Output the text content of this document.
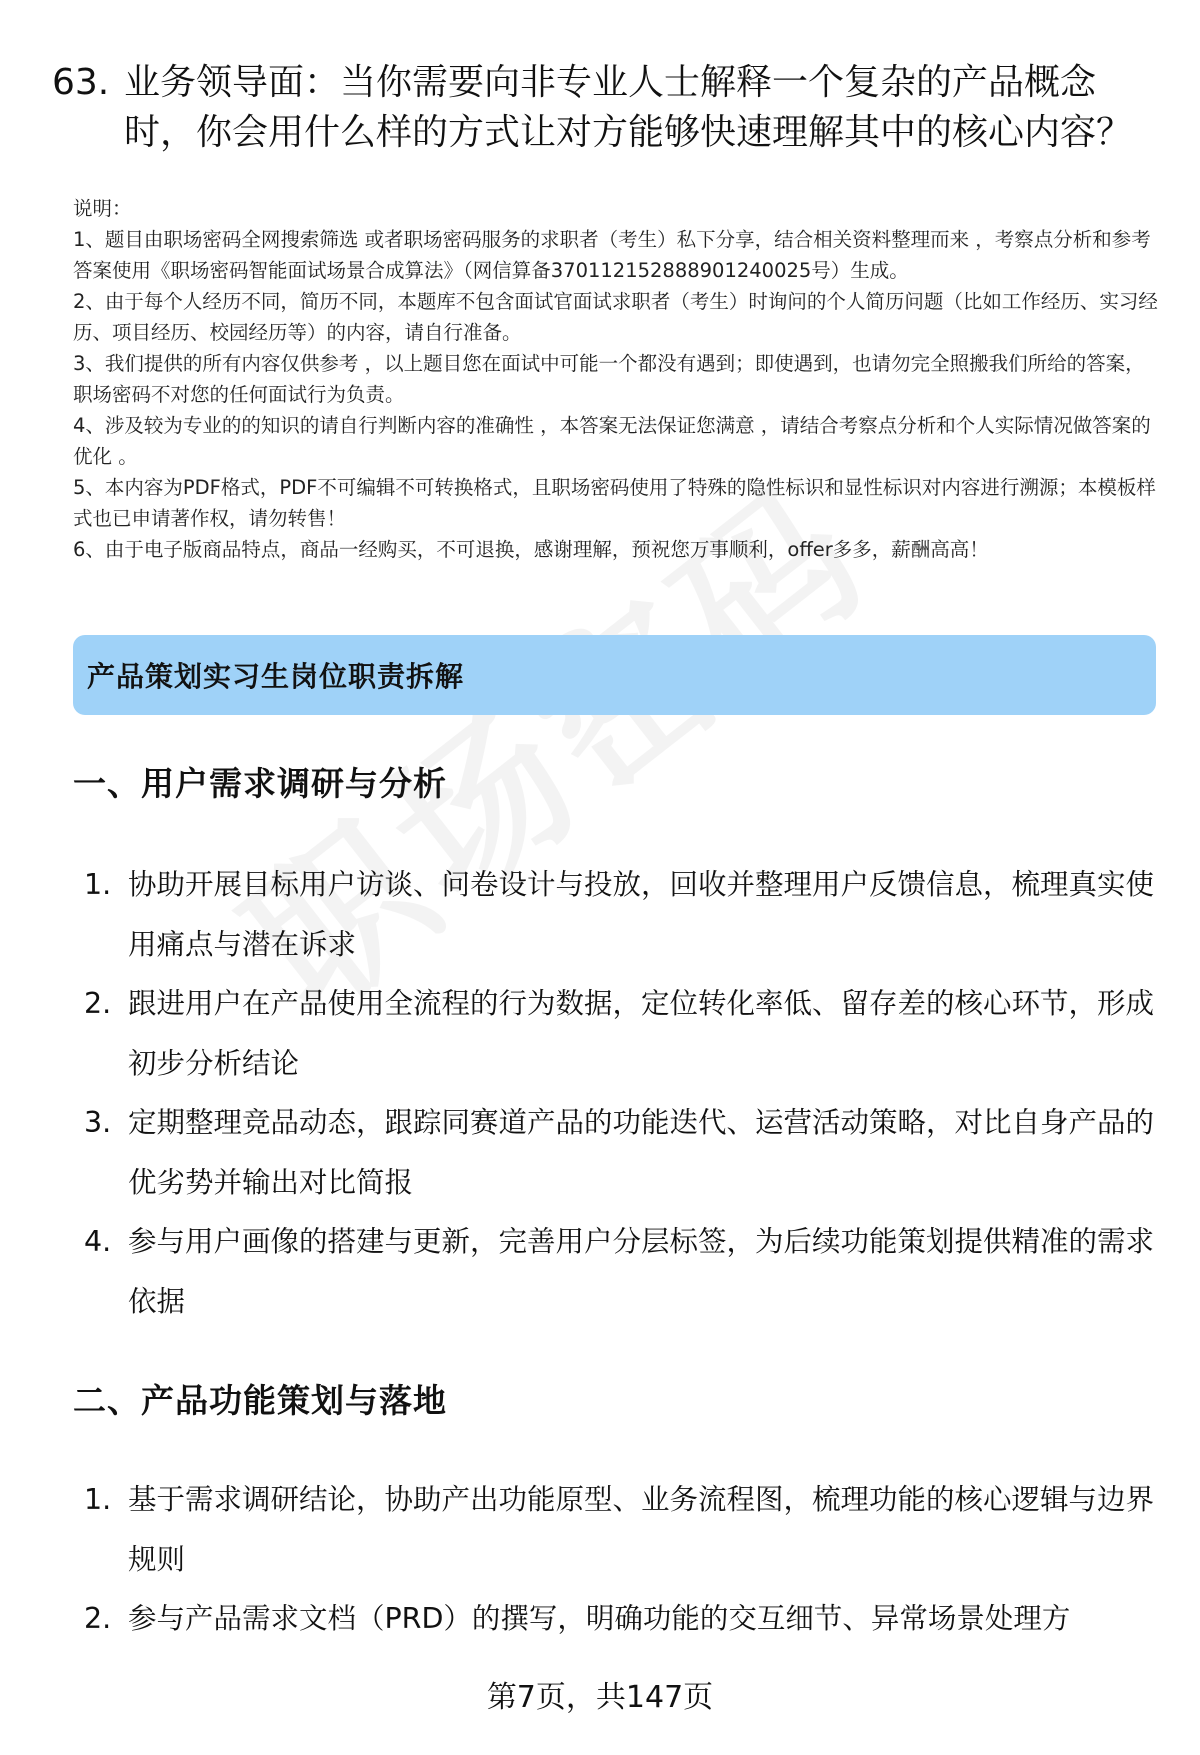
63. 业务领导面：当你需要向非专业人士解释一个复杂的产品概念时，你会用什么样的方式让对方能够快速理解其中的核心内容？

说明：

1、题目由职场密码全网搜索筛选 或者职场密码服务的求职者（考生）私下分享，结合相关资料整理而来 ，考察点分析和参考答案使用《职场密码智能面试场景合成算法》（网信算备370112152888901240025号）生成。

2、由于每个人经历不同，简历不同，本题库不包含面试官面试求职者（考生）时询问的个人简历问题（比如工作经历、实习经历、项目经历、校园经历等）的内容，请自行准备。

3、我们提供的所有内容仅供参考 ，以上题目您在面试中可能一个都没有遇到；即使遇到，也请勿完全照搬我们所给的答案，职场密码不对您的任何面试行为负责。

4、涉及较为专业的的知识的请自行判断内容的准确性 ，本答案无法保证您满意 ，请结合考察点分析和个人实际情况做答案的优化 。

5、本内容为PDF格式，PDF不可编辑不可转换格式，且职场密码使用了特殊的隐性标识和显性标识对内容进行溯源；本模板样式也已申请著作权，请勿转售！

6、由于电子版商品特点，商品一经购买，不可退换，感谢理解，预祝您万事顺利，offer多多，薪酬高高！

产品策划实习生岗位职责拆解
一、用户需求调研与分析
1. 协助开展目标用户访谈、问卷设计与投放，回收并整理用户反馈信息，梳理真实使用痛点与潜在诉求
2. 跟进用户在产品使用全流程的行为数据，定位转化率低、留存差的核心环节，形成初步分析结论
3. 定期整理竞品动态，跟踪同赛道产品的功能迭代、运营活动策略，对比自身产品的优劣势并输出对比简报
4. 参与用户画像的搭建与更新，完善用户分层标签，为后续功能策划提供精准的需求依据
二、产品功能策划与落地
1. 基于需求调研结论，协助产出功能原型、业务流程图，梳理功能的核心逻辑与边界规则
2. 参与产品需求文档（PRD）的撰写，明确功能的交互细节、异常场景处理方
第7页，共147页
